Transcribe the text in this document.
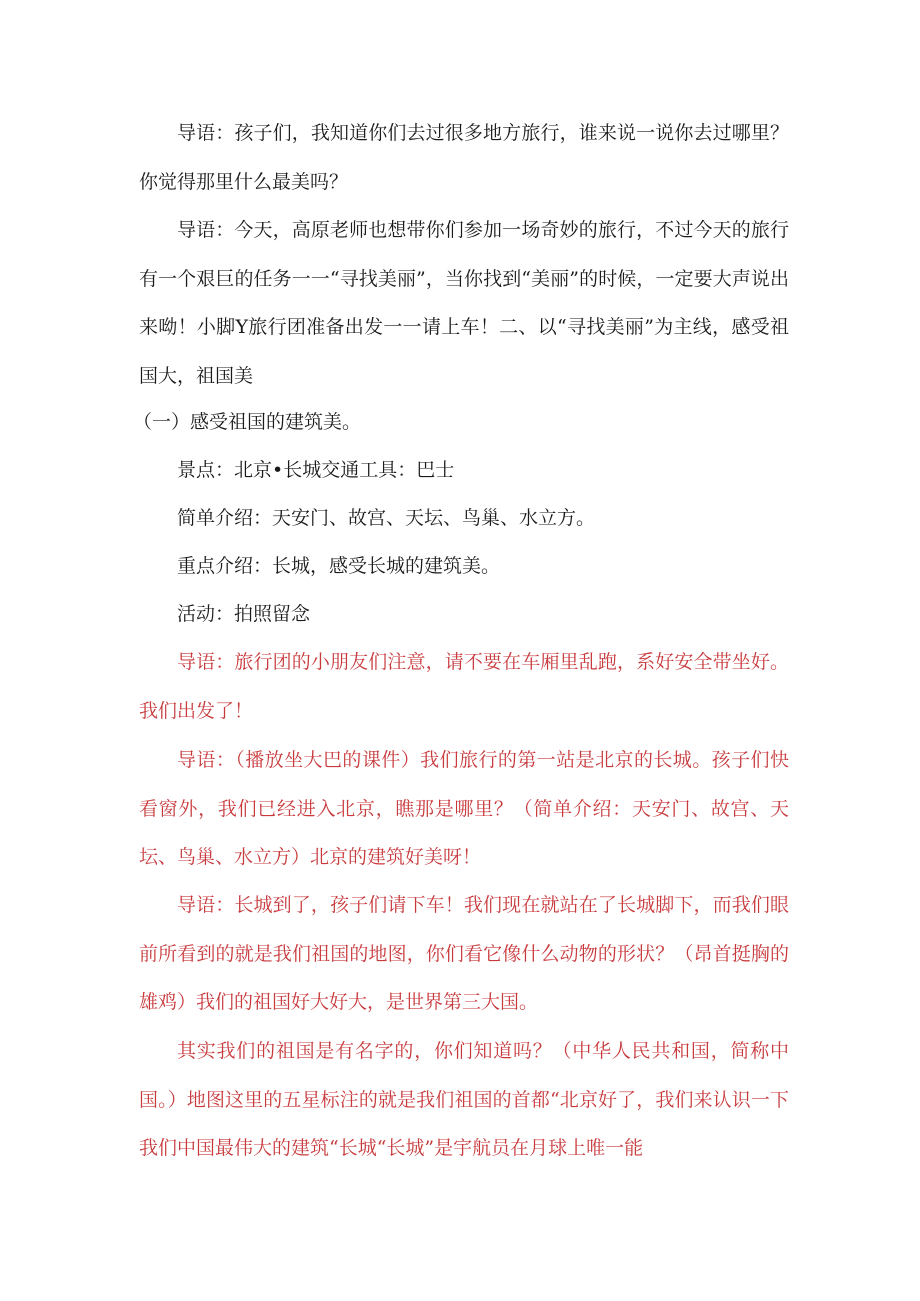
导语：孩子们，我知道你们去过很多地方旅行，谁来说一说你去过哪里？你觉得那里什么最美吗？

导语：今天，高原老师也想带你们参加一场奇妙的旅行，不过今天的旅行有一个艰巨的任务一一“寻找美丽”，当你找到“美丽”的时候，一定要大声说出来呦！小脚Y旅行团准备出发一一请上车！二、以“寻找美丽”为主线，感受祖国大，祖国美

（一）感受祖国的建筑美。

景点：北京•长城交通工具：巴士

简单介绍：天安门、故宫、天坛、鸟巢、水立方。

重点介绍：长城，感受长城的建筑美。

活动：拍照留念

导语：旅行团的小朋友们注意，请不要在车厢里乱跑，系好安全带坐好。我们出发了！

导语：（播放坐大巴的课件）我们旅行的第一站是北京的长城。孩子们快看窗外，我们已经进入北京，瞧那是哪里？（简单介绍：天安门、故宫、天坛、鸟巢、水立方）北京的建筑好美呀！

导语：长城到了，孩子们请下车！我们现在就站在了长城脚下，而我们眼前所看到的就是我们祖国的地图，你们看它像什么动物的形状？（昂首挺胸的雄鸡）我们的祖国好大好大，是世界第三大国。

其实我们的祖国是有名字的，你们知道吗？（中华人民共和国，简称中国。）地图这里的五星标注的就是我们祖国的首都“北京好了，我们来认识一下我们中国最伟大的建筑“长城“长城”是宇航员在月球上唯一能
